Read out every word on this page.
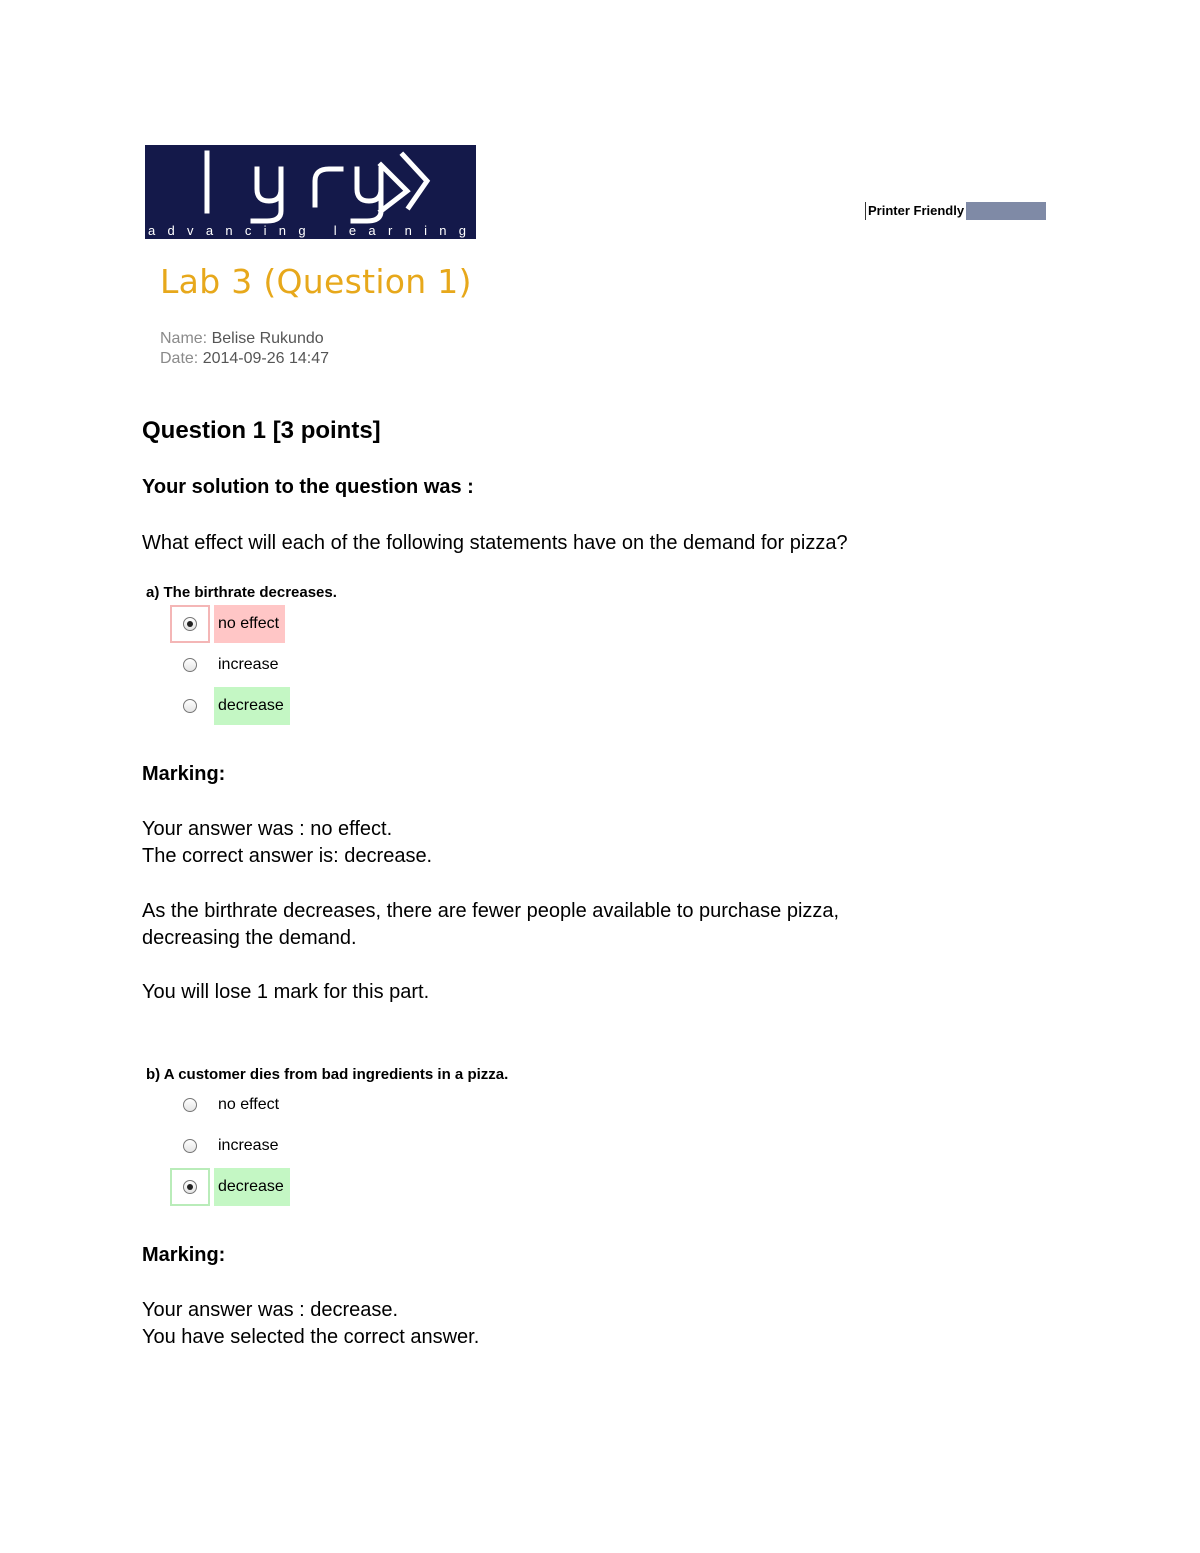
advancing learning
Printer Friendly
Lab 3 (Question 1)
Name: Belise Rukundo
Date: 2014-09-26 14:47
Question 1 [3 points]
Your solution to the question was :
What effect will each of the following statements have on the demand for pizza?
a) The birthrate decreases.
no effect
increase
decrease
Marking:
Your answer was : no effect.
The correct answer is: decrease.
As the birthrate decreases, there are fewer people available to purchase pizza,
decreasing the demand.
You will lose 1 mark for this part.
b) A customer dies from bad ingredients in a pizza.
no effect
increase
decrease
Marking:
Your answer was : decrease.
You have selected the correct answer.
